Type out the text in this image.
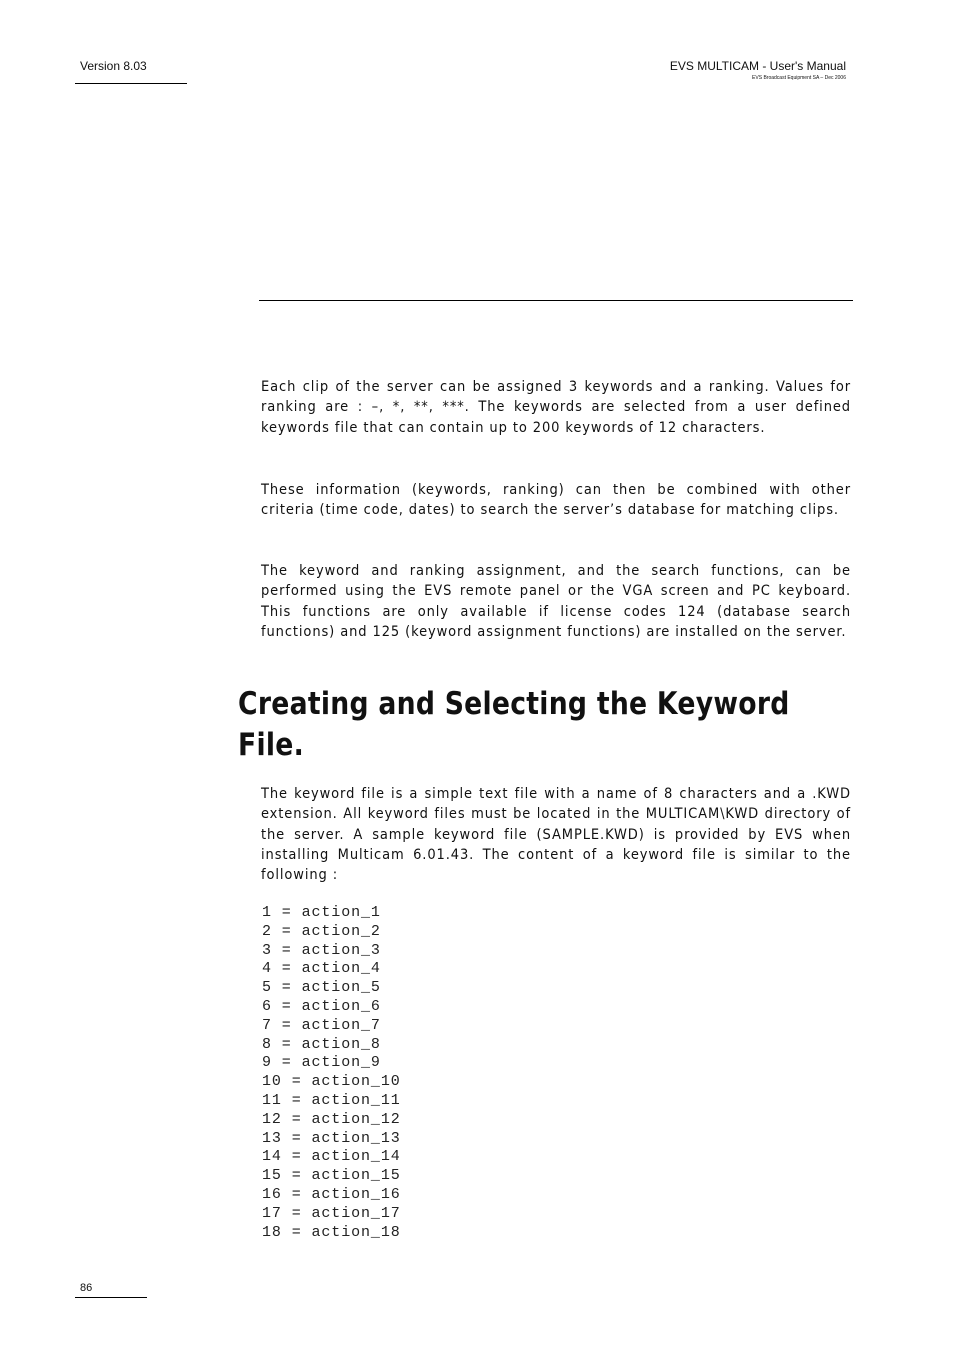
Version 8.03	EVS MULTICAM - User's Manual
EVS Broadcast Equipment SA – Dec 2006

Each clip of the server can be assigned 3 keywords and a ranking. Values for ranking are : –, *, **, ***. The keywords are selected from a user defined keywords file that can contain up to 200 keywords of 12 characters.

These information (keywords, ranking) can then be combined with other criteria (time code, dates) to search the server’s database for matching clips.

The keyword and ranking assignment, and the search functions, can be performed using the EVS remote panel or the VGA screen and PC keyboard. This functions are only available if license codes 124 (database search functions) and 125 (keyword assignment functions) are installed on the server.

Creating and Selecting the Keyword File.

The keyword file is a simple text file with a name of 8 characters and a .KWD extension. All keyword files must be located in the MULTICAM\KWD directory of the server. A sample keyword file (SAMPLE.KWD) is provided by EVS when installing Multicam 6.01.43. The content of a keyword file is similar to the following :

1 = action_1
2 = action_2
3 = action_3
4 = action_4
5 = action_5
6 = action_6
7 = action_7
8 = action_8
9 = action_9
10 = action_10
11 = action_11
12 = action_12
13 = action_13
14 = action_14
15 = action_15
16 = action_16
17 = action_17
18 = action_18
86
